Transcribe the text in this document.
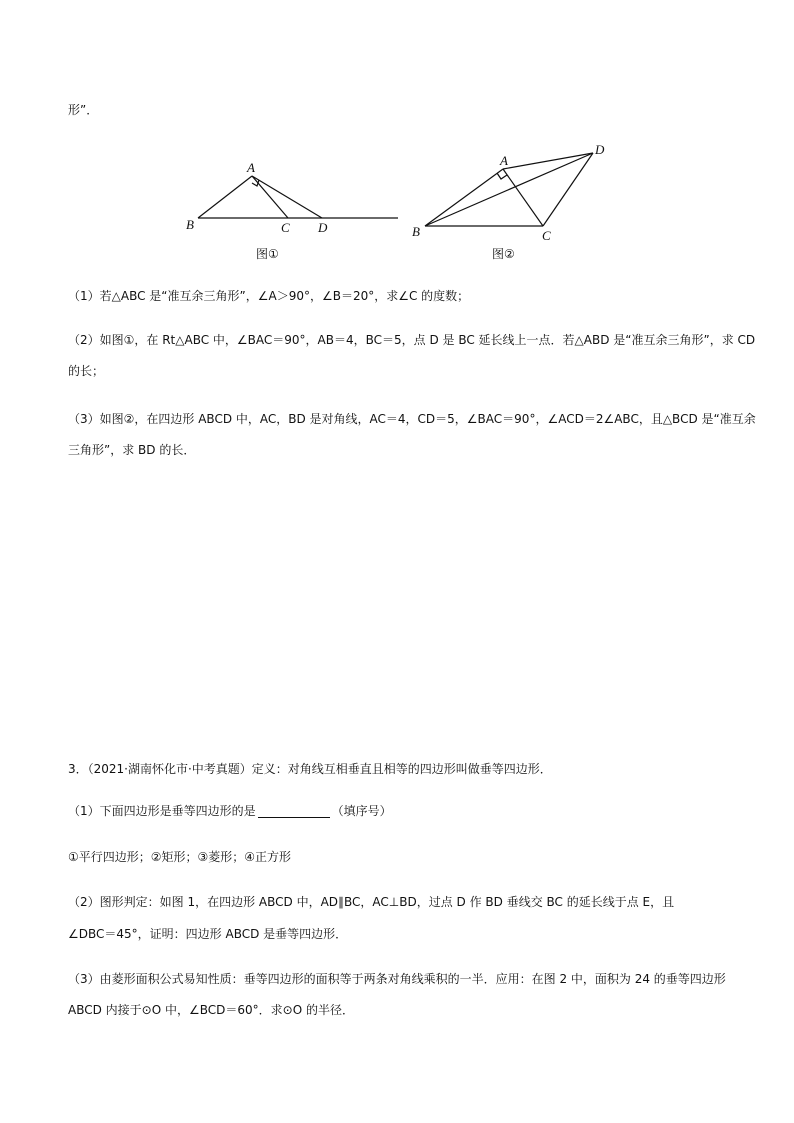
形”．
A
B	C D
图①
A
B	C
D
图②
（1）若△ABC 是“准互余三角形”，∠A＞90°，∠B＝20°，求∠C 的度数；
（2）如图①，在 Rt△ABC 中，∠BAC＝90°，AB＝4，BC＝5，点 D 是 BC 延长线上一点．若△ABD 是“准互余三角形”，求 CD
的长；
（3）如图②，在四边形 ABCD 中，AC，BD 是对角线，AC＝4，CD＝5，∠BAC＝90°，∠ACD＝2∠ABC，且△BCD 是“准互余
三角形”，求 BD 的长．
3．（2021·湖南怀化市·中考真题）定义：对角线互相垂直且相等的四边形叫做垂等四边形．
（1）下面四边形是垂等四边形的是	（填序号）
①平行四边形；②矩形；③菱形；④正方形
（2）图形判定：如图 1，在四边形 ABCD 中，AD∥BC，AC⊥BD，过点 D 作 BD 垂线交 BC 的延长线于点 E，且
∠DBC＝45°，证明：四边形 ABCD 是垂等四边形．
（3）由菱形面积公式易知性质：垂等四边形的面积等于两条对角线乘积的一半．应用：在图 2 中，面积为 24 的垂等四边形
ABCD 内接于⊙O 中，∠BCD＝60°．求⊙O 的半径．
